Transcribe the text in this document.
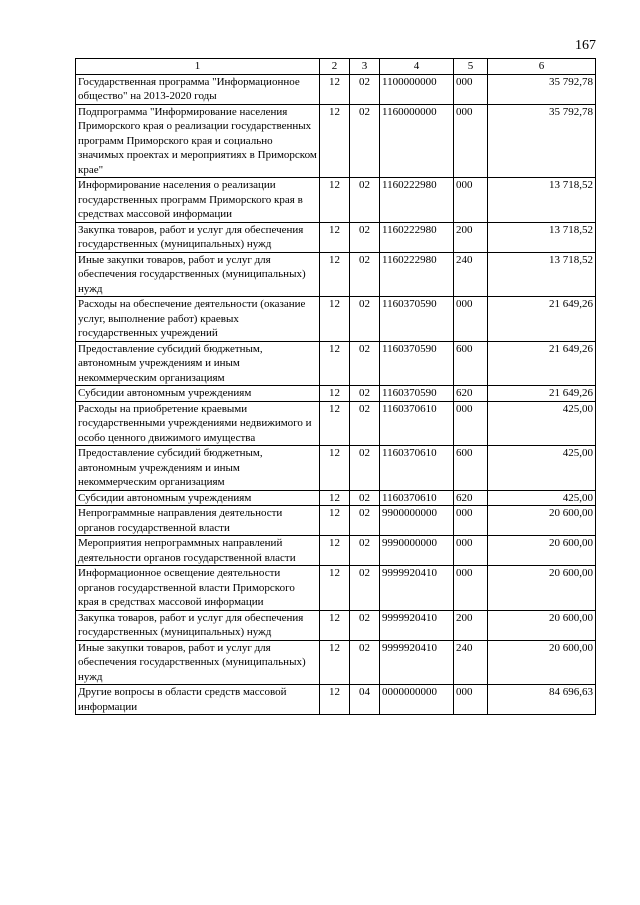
167
1	2	3	4	5	6
Государственная программа "Информационное общество" на 2013-2020 годы	12	02	1100000000	000	35 792,78
Подпрограмма "Информирование населения Приморского края о реализации государственных программ Приморского края и социально значимых проектах и мероприятиях в Приморском крае"	12	02	1160000000	000	35 792,78
Информирование населения о реализации государственных программ Приморского края в средствах массовой информации	12	02	1160222980	000	13 718,52
Закупка товаров, работ и услуг для обеспечения государственных (муниципальных) нужд	12	02	1160222980	200	13 718,52
Иные закупки товаров, работ и услуг для обеспечения государственных (муниципальных) нужд	12	02	1160222980	240	13 718,52
Расходы на обеспечение деятельности (оказание услуг, выполнение работ) краевых государственных учреждений	12	02	1160370590	000	21 649,26
Предоставление субсидий бюджетным, автономным учреждениям и иным некоммерческим организациям	12	02	1160370590	600	21 649,26
Субсидии автономным учреждениям	12	02	1160370590	620	21 649,26
Расходы на приобретение краевыми государственными учреждениями недвижимого и особо ценного движимого имущества	12	02	1160370610	000	425,00
Предоставление субсидий бюджетным, автономным учреждениям и иным некоммерческим организациям	12	02	1160370610	600	425,00
Субсидии автономным учреждениям	12	02	1160370610	620	425,00
Непрограммные направления деятельности органов государственной власти	12	02	9900000000	000	20 600,00
Мероприятия непрограммных направлений деятельности органов государственной власти	12	02	9990000000	000	20 600,00
Информационное освещение деятельности органов государственной власти Приморского края в средствах массовой информации	12	02	9999920410	000	20 600,00
Закупка товаров, работ и услуг для обеспечения государственных (муниципальных) нужд	12	02	9999920410	200	20 600,00
Иные закупки товаров, работ и услуг для обеспечения государственных (муниципальных) нужд	12	02	9999920410	240	20 600,00
Другие вопросы в области средств массовой информации	12	04	0000000000	000	84 696,63
